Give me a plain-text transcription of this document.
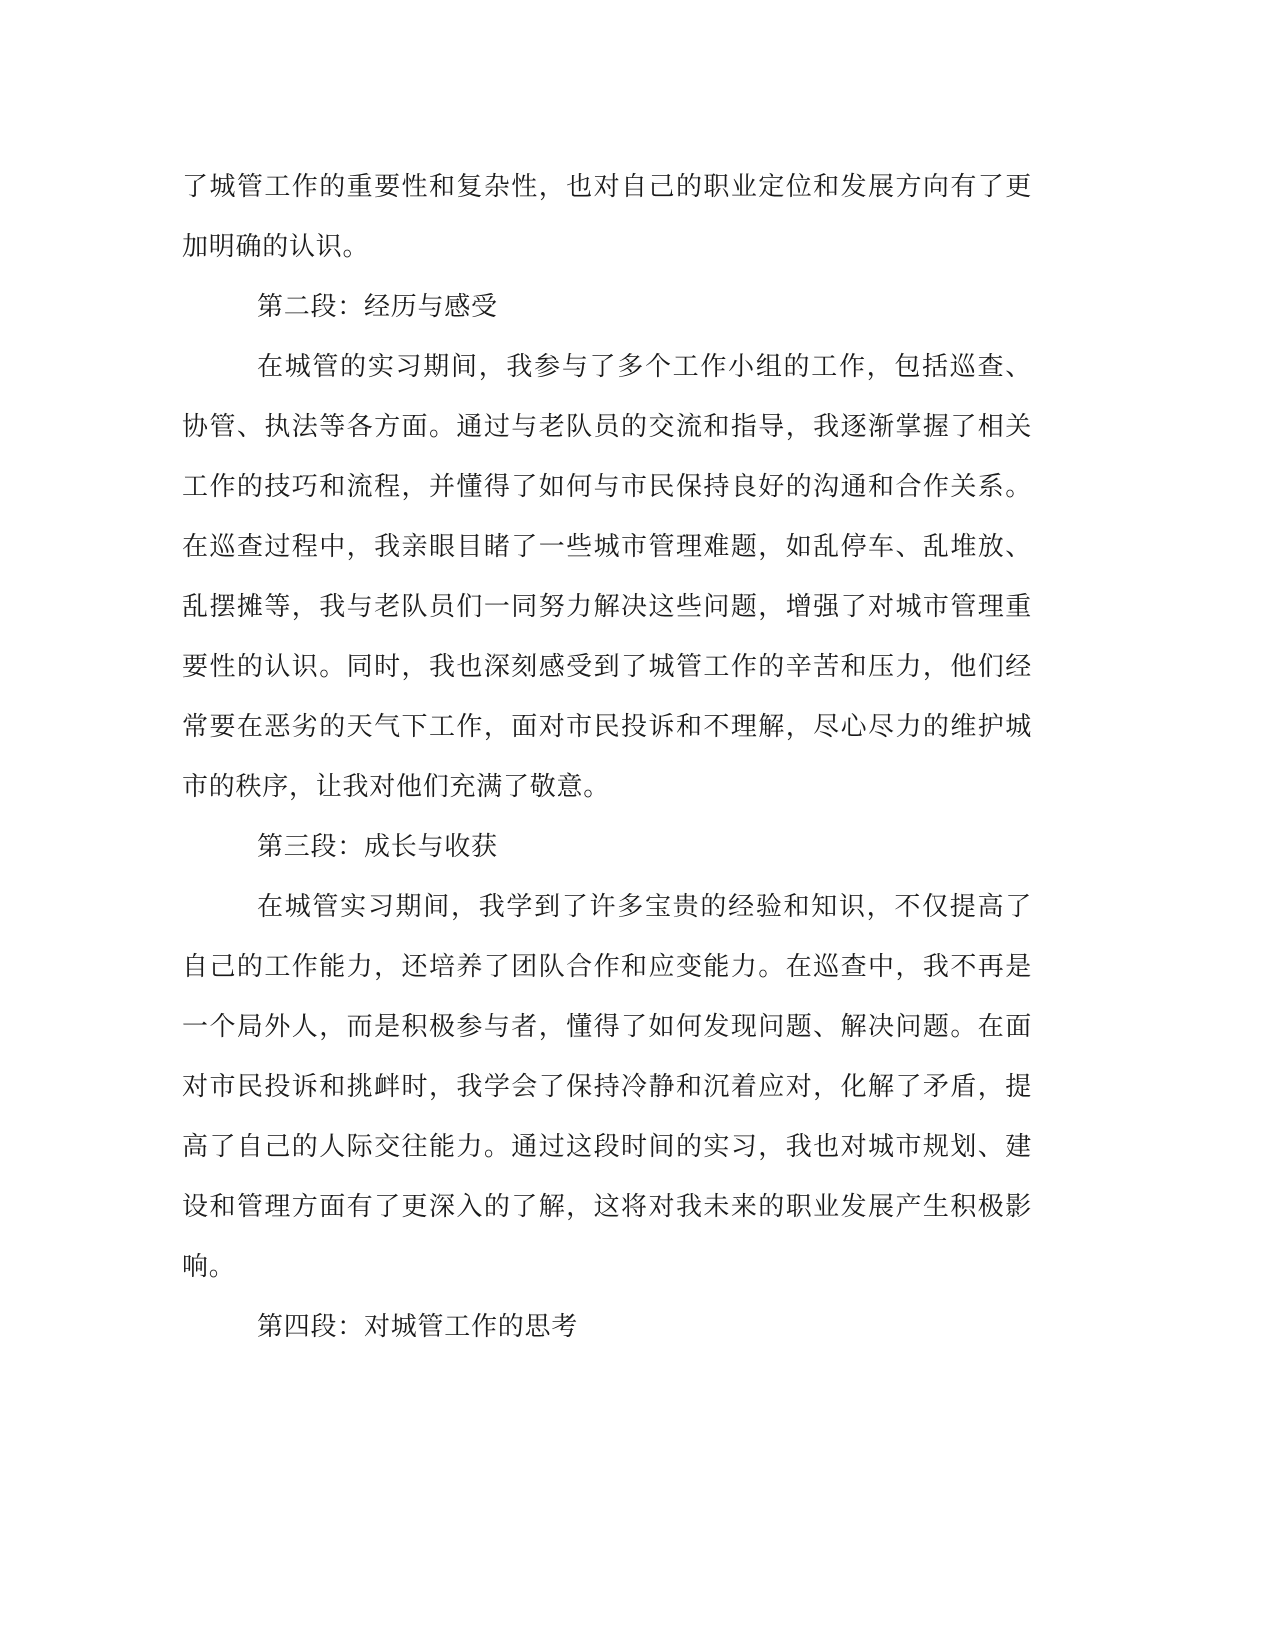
了城管工作的重要性和复杂性，也对自己的职业定位和发展方向有了更加明确的认识。

第二段：经历与感受

在城管的实习期间，我参与了多个工作小组的工作，包括巡查、协管、执法等各方面。通过与老队员的交流和指导，我逐渐掌握了相关工作的技巧和流程，并懂得了如何与市民保持良好的沟通和合作关系。在巡查过程中，我亲眼目睹了一些城市管理难题，如乱停车、乱堆放、乱摆摊等，我与老队员们一同努力解决这些问题，增强了对城市管理重要性的认识。同时，我也深刻感受到了城管工作的辛苦和压力，他们经常要在恶劣的天气下工作，面对市民投诉和不理解，尽心尽力的维护城市的秩序，让我对他们充满了敬意。

第三段：成长与收获

在城管实习期间，我学到了许多宝贵的经验和知识，不仅提高了自己的工作能力，还培养了团队合作和应变能力。在巡查中，我不再是一个局外人，而是积极参与者，懂得了如何发现问题、解决问题。在面对市民投诉和挑衅时，我学会了保持冷静和沉着应对，化解了矛盾，提高了自己的人际交往能力。通过这段时间的实习，我也对城市规划、建设和管理方面有了更深入的了解，这将对我未来的职业发展产生积极影响。

第四段：对城管工作的思考
